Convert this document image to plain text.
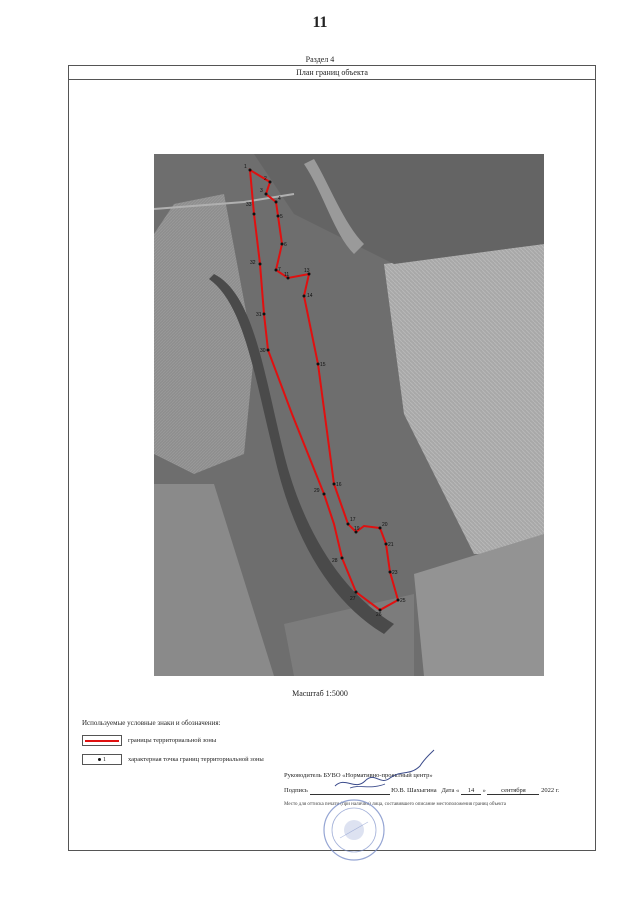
11
Раздел 4
План границ объекта
1
2
3
4
5
6
7
11
13
14
15
16
17
19
20
21
23
25
26
27
28
29
30
31
32
33
Масштаб 1:5000
Используемые условные знаки и обозначения:
границы территориальной зоны
1	характерная точка границ территориальной зоны
Руководитель БУВО «Нормативно-проектный центр»
Подпись	Ю.В. Шахыгина Дата « 14 » сентября 2022 г.
Место для оттиска печати (при наличии) лица, составившего описание местоположения границ объекта
